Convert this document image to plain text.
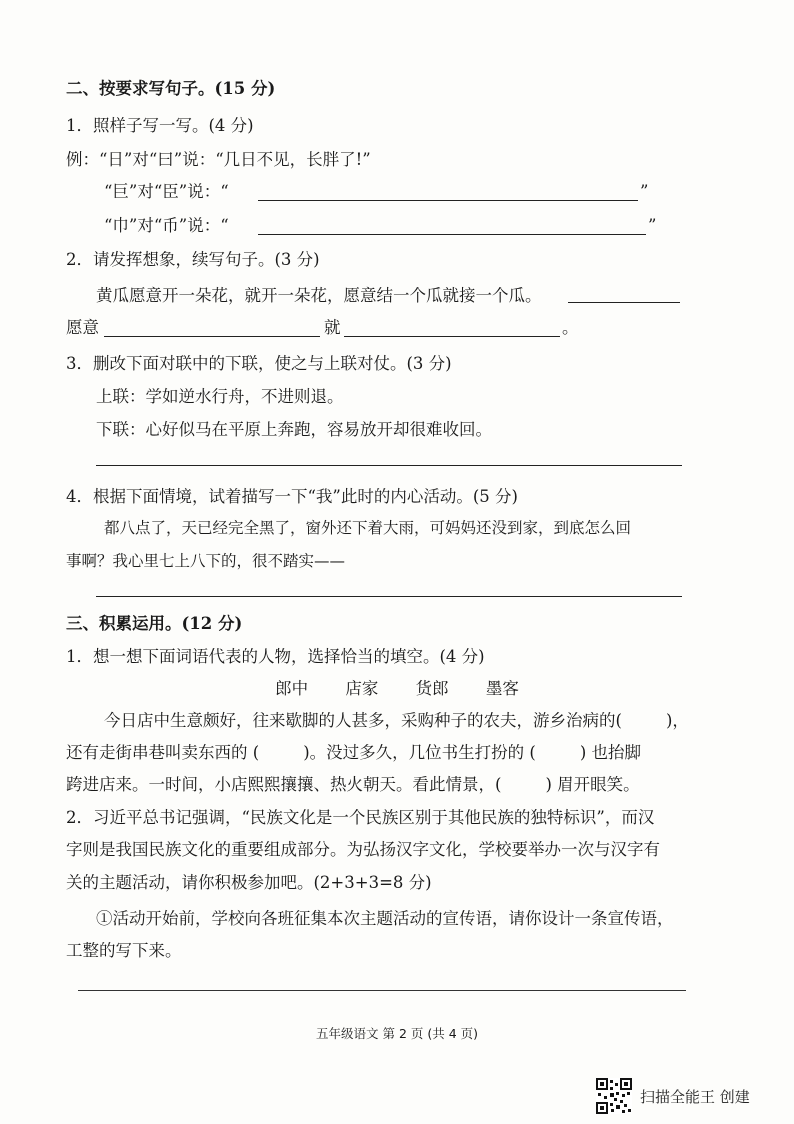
二、按要求写句子。(15 分)
1．照样子写一写。(4 分)
例：“日”对“曰”说：“几日不见，长胖了!”
“巨”对“臣”说：“	”
“巾”对“币”说：“	”
2．请发挥想象，续写句子。(3 分)
黄瓜愿意开一朵花，就开一朵花，愿意结一个瓜就接一个瓜。
愿意	就	。
3．删改下面对联中的下联，使之与上联对仗。(3 分)
上联：学如逆水行舟，不进则退。
下联：心好似马在平原上奔跑，容易放开却很难收回。
4．根据下面情境，试着描写一下“我”此时的内心活动。(5 分)
都八点了，天已经完全黑了，窗外还下着大雨，可妈妈还没到家，到底怎么回
事啊？我心里七上八下的，很不踏实——
三、积累运用。(12 分)
1．想一想下面词语代表的人物，选择恰当的填空。(4 分)
郎中 店家 货郎 墨客
今日店中生意颇好，往来歇脚的人甚多，采购种子的农夫，游乡治病的(	)，
还有走街串巷叫卖东西的 (	)。没过多久，几位书生打扮的 (	) 也抬脚
跨进店来。一时间，小店熙熙攘攘、热火朝天。看此情景，(	) 眉开眼笑。
2．习近平总书记强调，“民族文化是一个民族区别于其他民族的独特标识”，而汉
字则是我国民族文化的重要组成部分。为弘扬汉字文化，学校要举办一次与汉字有
关的主题活动，请你积极参加吧。(2+3+3=8 分)
①活动开始前，学校向各班征集本次主题活动的宣传语，请你设计一条宣传语，
工整的写下来。
五年级语文 第 2 页 (共 4 页)
扫描全能王 创建
